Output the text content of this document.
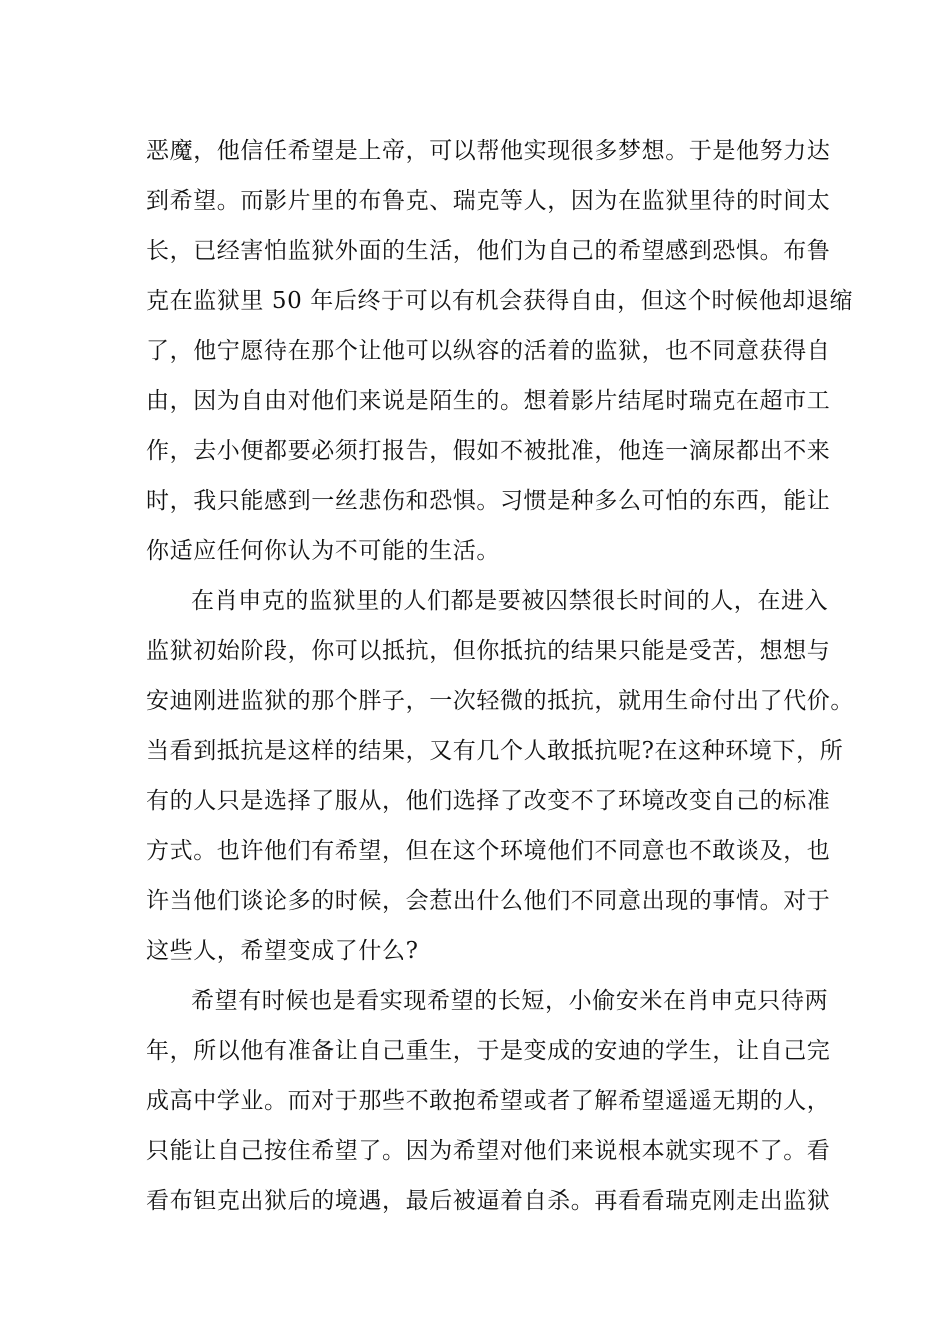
恶魔，他信任希望是上帝，可以帮他实现很多梦想。于是他努力达
到希望。而影片里的布鲁克、瑞克等人，因为在监狱里待的时间太
长，已经害怕监狱外面的生活，他们为自己的希望感到恐惧。布鲁
克在监狱里 50 年后终于可以有机会获得自由，但这个时候他却退缩
了，他宁愿待在那个让他可以纵容的活着的监狱，也不同意获得自
由，因为自由对他们来说是陌生的。想着影片结尾时瑞克在超市工
作，去小便都要必须打报告，假如不被批准，他连一滴尿都出不来
时，我只能感到一丝悲伤和恐惧。习惯是种多么可怕的东西，能让
你适应任何你认为不可能的生活。
在肖申克的监狱里的人们都是要被囚禁很长时间的人，在进入
监狱初始阶段，你可以抵抗，但你抵抗的结果只能是受苦，想想与
安迪刚进监狱的那个胖子，一次轻微的抵抗，就用生命付出了代价。
当看到抵抗是这样的结果，又有几个人敢抵抗呢?在这种环境下，所
有的人只是选择了服从，他们选择了改变不了环境改变自己的标准
方式。也许他们有希望，但在这个环境他们不同意也不敢谈及，也
许当他们谈论多的时候，会惹出什么他们不同意出现的事情。对于
这些人，希望变成了什么?
希望有时候也是看实现希望的长短，小偷安米在肖申克只待两
年，所以他有准备让自己重生，于是变成的安迪的学生，让自己完
成高中学业。而对于那些不敢抱希望或者了解希望遥遥无期的人，
只能让自己按住希望了。因为希望对他们来说根本就实现不了。看
看布钽克出狱后的境遇，最后被逼着自杀。再看看瑞克刚走出监狱
